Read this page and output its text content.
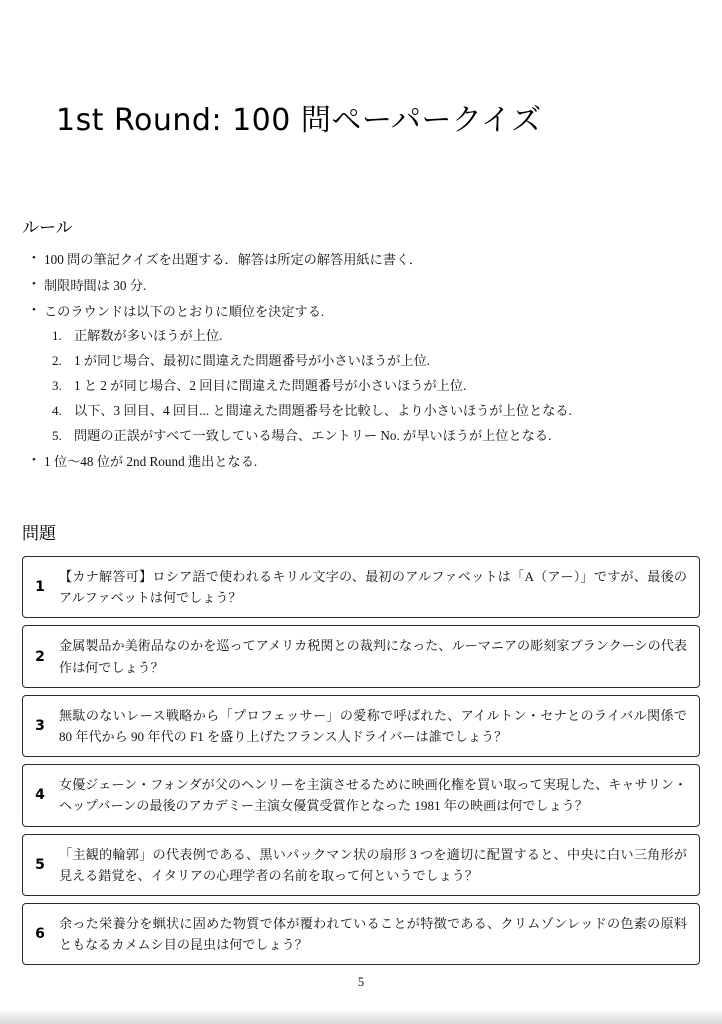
1st Round: 100 問ペーパークイズ
ルール
• 100 問の筆記クイズを出題する．解答は所定の解答用紙に書く．
• 制限時間は 30 分.
• このラウンドは以下のとおりに順位を決定する.
正解数が多いほうが上位.
1 が同じ場合、最初に間違えた問題番号が小さいほうが上位.
1 と 2 が同じ場合、2 回目に間違えた問題番号が小さいほうが上位.
以下、3 回目、4 回目... と間違えた問題番号を比較し、より小さいほうが上位となる.
問題の正誤がすべて一致している場合、エントリー No. が早いほうが上位となる.
• 1 位〜48 位が 2nd Round 進出となる.
問題
1
【カナ解答可】ロシア語で使われるキリル文字の、最初のアルファベットは「А（アー）」ですが、最後のアルファベットは何でしょう？
2
金属製品か美術品なのかを巡ってアメリカ税関との裁判になった、ルーマニアの彫刻家ブランクーシの代表作は何でしょう？
3
無駄のないレース戦略から「プロフェッサー」の愛称で呼ばれた、アイルトン・セナとのライバル関係で 80 年代から 90 年代の F1 を盛り上げたフランス人ドライバーは誰でしょう？
4
女優ジェーン・フォンダが父のヘンリーを主演させるために映画化権を買い取って実現した、キャサリン・ヘップバーンの最後のアカデミー主演女優賞受賞作となった 1981 年の映画は何でしょう？
5
「主観的輪郭」の代表例である、黒いパックマン状の扇形 3 つを適切に配置すると、中央に白い三角形が見える錯覚を、イタリアの心理学者の名前を取って何というでしょう？
6
余った栄養分を蝋状に固めた物質で体が覆われていることが特徴である、クリムゾンレッドの色素の原料ともなるカメムシ目の昆虫は何でしょう？
5
